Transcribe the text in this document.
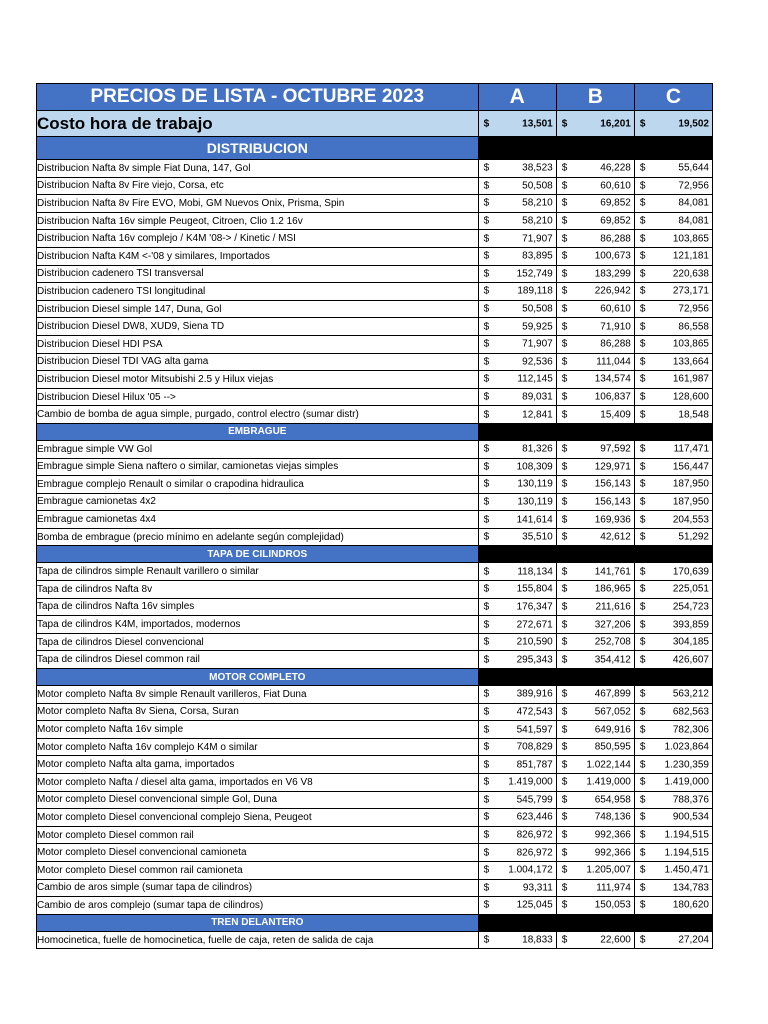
PRECIOS DE LISTA - OCTUBRE 2023	A	B	C
Costo hora de trabajo	$ 13,501	$ 16,201	$ 19,502

DISTRIBUCION			
Distribucion Nafta 8v simple Fiat Duna, 147, Gol	$ 38,523	$ 46,228	$ 55,644

Distribucion Nafta 8v Fire viejo, Corsa, etc	$ 50,508	$ 60,610	$ 72,956

Distribucion Nafta 8v Fire EVO, Mobi, GM Nuevos Onix, Prisma, Spin	$ 58,210	$ 69,852	$ 84,081

Distribucion Nafta 16v simple Peugeot, Citroen, Clio 1.2 16v	$ 58,210	$ 69,852	$ 84,081

Distribucion Nafta 16v complejo / K4M '08-> / Kinetic / MSI	$ 71,907	$ 86,288	$ 103,865

Distribucion Nafta K4M <-'08 y similares, Importados	$ 83,895	$ 100,673	$ 121,181

Distribucion cadenero TSI transversal	$ 152,749	$ 183,299	$ 220,638

Distribucion cadenero TSI longitudinal	$ 189,118	$ 226,942	$ 273,171

Distribucion Diesel simple 147, Duna, Gol	$ 50,508	$ 60,610	$ 72,956

Distribucion Diesel DW8, XUD9, Siena TD	$ 59,925	$ 71,910	$ 86,558

Distribucion Diesel HDI PSA	$ 71,907	$ 86,288	$ 103,865

Distribucion Diesel TDI VAG alta gama	$ 92,536	$ 111,044	$ 133,664

Distribucion Diesel motor Mitsubishi 2.5 y Hilux viejas	$ 112,145	$ 134,574	$ 161,987

Distribucion Diesel Hilux '05 -->	$ 89,031	$ 106,837	$ 128,600

Cambio de bomba de agua simple, purgado, control electro (sumar distr)	$ 12,841	$ 15,409	$ 18,548

EMBRAGUE			
Embrague simple VW Gol	$ 81,326	$ 97,592	$ 117,471

Embrague simple Siena naftero o similar, camionetas viejas simples	$ 108,309	$ 129,971	$ 156,447

Embrague complejo Renault o similar o crapodina hidraulica	$ 130,119	$ 156,143	$ 187,950

Embrague camionetas 4x2	$ 130,119	$ 156,143	$ 187,950

Embrague camionetas 4x4	$ 141,614	$ 169,936	$ 204,553

Bomba de embrague (precio mínimo en adelante según complejidad)	$ 35,510	$ 42,612	$ 51,292

TAPA DE CILINDROS			
Tapa de cilindros simple Renault varillero o similar	$ 118,134	$ 141,761	$ 170,639

Tapa de cilindros Nafta 8v	$ 155,804	$ 186,965	$ 225,051

Tapa de cilindros Nafta 16v simples	$ 176,347	$ 211,616	$ 254,723

Tapa de cilindros K4M, importados, modernos	$ 272,671	$ 327,206	$ 393,859

Tapa de cilindros Diesel convencional	$ 210,590	$ 252,708	$ 304,185

Tapa de cilindros Diesel common rail	$ 295,343	$ 354,412	$ 426,607

MOTOR COMPLETO			
Motor completo Nafta 8v simple Renault varilleros, Fiat Duna	$ 389,916	$ 467,899	$ 563,212

Motor completo Nafta 8v Siena, Corsa, Suran	$ 472,543	$ 567,052	$ 682,563

Motor completo Nafta 16v simple	$ 541,597	$ 649,916	$ 782,306

Motor completo Nafta 16v complejo K4M o similar	$ 708,829	$ 850,595	$ 1.023,864

Motor completo Nafta alta gama, importados	$ 851,787	$ 1.022,144	$ 1.230,359

Motor completo Nafta / diesel alta gama, importados en V6 V8	$ 1.419,000	$ 1.419,000	$ 1.419,000

Motor completo Diesel convencional simple Gol, Duna	$ 545,799	$ 654,958	$ 788,376

Motor completo Diesel convencional complejo Siena, Peugeot	$ 623,446	$ 748,136	$ 900,534

Motor completo Diesel common rail	$ 826,972	$ 992,366	$ 1.194,515

Motor completo Diesel convencional camioneta	$ 826,972	$ 992,366	$ 1.194,515

Motor completo Diesel common rail camioneta	$ 1.004,172	$ 1.205,007	$ 1.450,471

Cambio de aros simple (sumar tapa de cilindros)	$ 93,311	$ 111,974	$ 134,783

Cambio de aros complejo (sumar tapa de cilindros)	$ 125,045	$ 150,053	$ 180,620

TREN DELANTERO			
Homocinetica, fuelle de homocinetica, fuelle de caja, reten de salida de caja	$ 18,833	$ 22,600	$ 27,204
